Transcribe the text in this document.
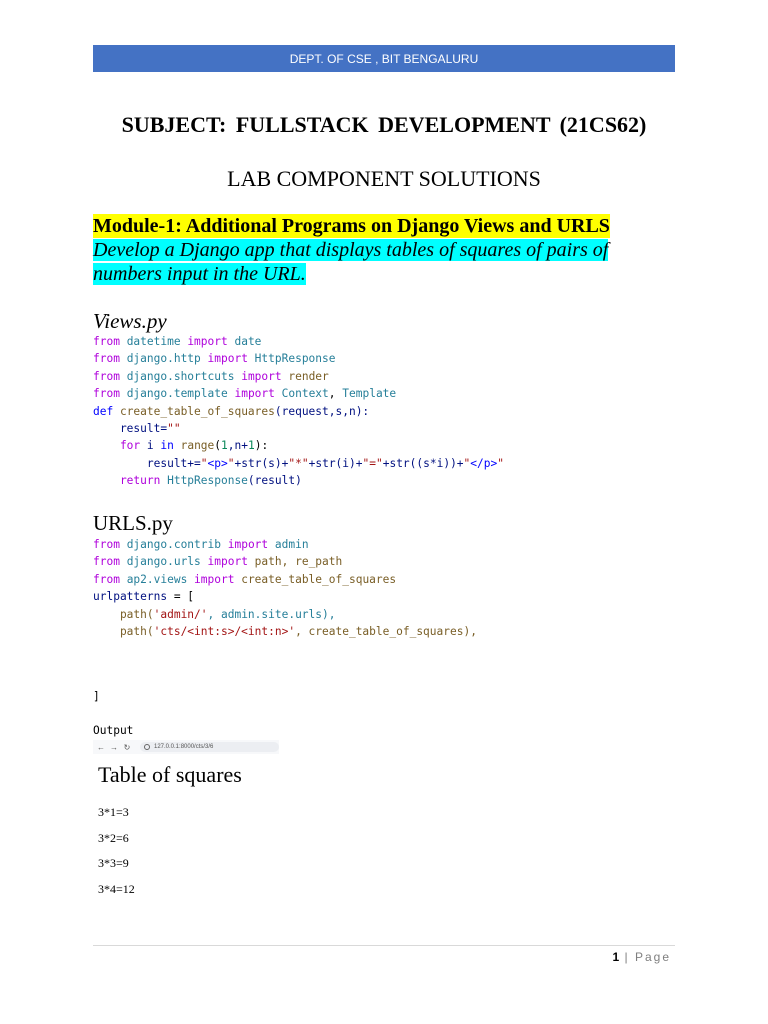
DEPT. OF CSE , BIT BENGALURU
SUBJECT: FULLSTACK DEVELOPMENT (21CS62)
LAB COMPONENT SOLUTIONS
Module-1: Additional Programs on Django Views and URLS
Develop a Django app that displays tables of squares of pairs of numbers input in the URL.
Views.py
from datetime import date
from django.http import HttpResponse
from django.shortcuts import render
from django.template import Context, Template
def create_table_of_squares(request,s,n):
result=""
for i in range(1,n+1):
result+="<p>"+str(s)+"*"+str(i)+"="+str((s*i))+"</p>"
return HttpResponse(result)
URLS.py
from django.contrib import admin
from django.urls import path, re_path
from ap2.views import create_table_of_squares
urlpatterns = [
path('admin/', admin.site.urls),
path('cts/<int:s>/<int:n>', create_table_of_squares),
]
Output
← → ↻	127.0.0.1:8000/cts/3/6
Table of squares
3*1=3
3*2=6
3*3=9
3*4=12
1 | Page
